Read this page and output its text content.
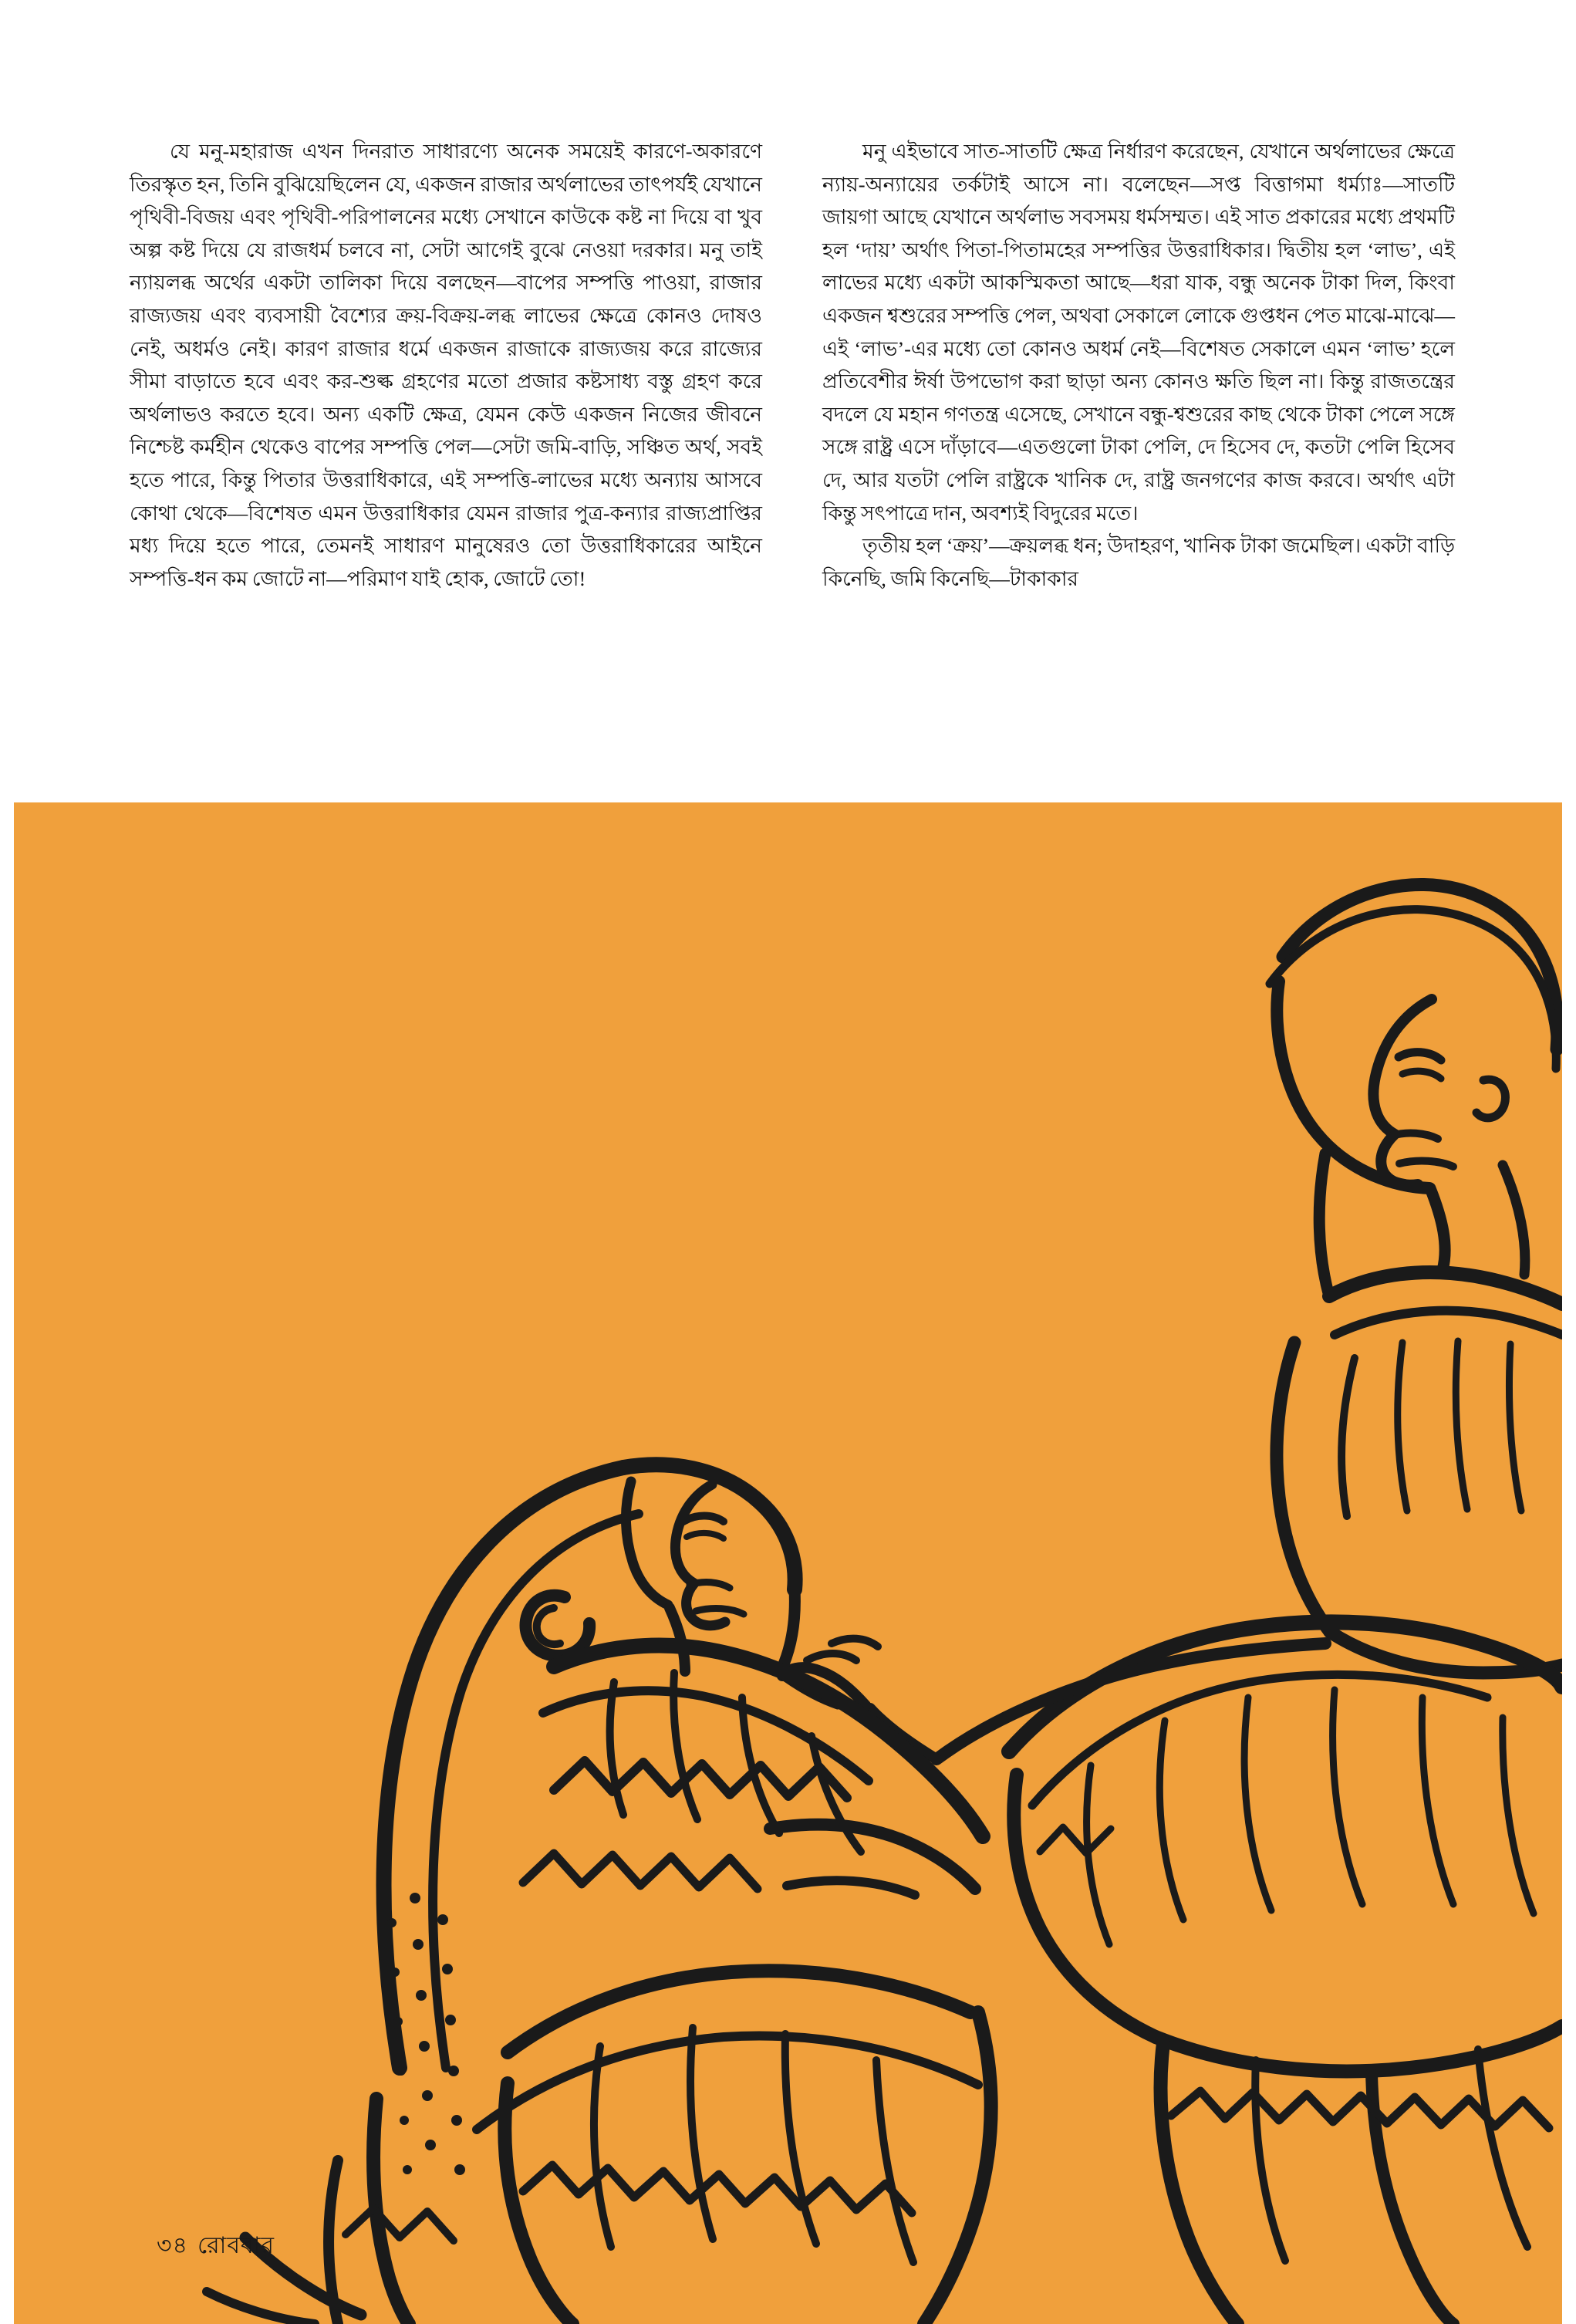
যে মনু-মহারাজ এখন দিনরাত সাধারণ্যে অনেক সময়েই কারণে-অকারণে তিরস্কৃত হন, তিনি বুঝিয়েছিলেন যে, একজন রাজার অর্থলাভের তাৎপর্যই যেখানে পৃথিবী-বিজয় এবং পৃথিবী-পরিপালনের মধ্যে সেখানে কাউকে কষ্ট না দিয়ে বা খুব অল্প কষ্ট দিয়ে যে রাজধর্ম চলবে না, সেটা আগেই বুঝে নেওয়া দরকার। মনু তাই ন্যায়লব্ধ অর্থের একটা তালিকা দিয়ে বলছেন—বাপের সম্পত্তি পাওয়া, রাজার রাজ্যজয় এবং ব্যবসায়ী বৈশ্যের ক্রয়-বিক্রয়-লব্ধ লাভের ক্ষেত্রে কোনও দোষও নেই, অধর্মও নেই। কারণ রাজার ধর্মে একজন রাজাকে রাজ্যজয় করে রাজ্যের সীমা বাড়াতে হবে এবং কর-শুল্ক গ্রহণের মতো প্রজার কষ্টসাধ্য বস্তু গ্রহণ করে অর্থলাভও করতে হবে। অন্য একটি ক্ষেত্র, যেমন কেউ একজন নিজের জীবনে নিশ্চেষ্ট কর্মহীন থেকেও বাপের সম্পত্তি পেল—সেটা জমি-বাড়ি, সঞ্চিত অর্থ, সবই হতে পারে, কিন্তু পিতার উত্তরাধিকারে, এই সম্পত্তি-লাভের মধ্যে অন্যায় আসবে কোথা থেকে—বিশেষত এমন উত্তরাধিকার যেমন রাজার পুত্র-কন্যার রাজ্যপ্রাপ্তির মধ্য দিয়ে হতে পারে, তেমনই সাধারণ মানুষেরও তো উত্তরাধিকারের আইনে সম্পত্তি-ধন কম জোটে না—পরিমাণ যাই হোক, জোটে তো!

মনু এইভাবে সাত-সাতটি ক্ষেত্র নির্ধারণ করেছেন, যেখানে অর্থলাভের ক্ষেত্রে ন্যায়-অন্যায়ের তর্কটাই আসে না। বলেছেন—সপ্ত বিত্তাগমা ধর্ম্যাঃ—সাতটি জায়গা আছে যেখানে অর্থলাভ সবসময় ধর্মসম্মত। এই সাত প্রকারের মধ্যে প্রথমটি হল ‘দায়’ অর্থাৎ পিতা-পিতামহের সম্পত্তির উত্তরাধিকার। দ্বিতীয় হল ‘লাভ’, এই লাভের মধ্যে একটা আকস্মিকতা আছে—ধরা যাক, বন্ধু অনেক টাকা দিল, কিংবা একজন শ্বশুরের সম্পত্তি পেল, অথবা সেকালে লোকে গুপ্তধন পেত মাঝে-মাঝে—এই ‘লাভ’-এর মধ্যে তো কোনও অধর্ম নেই—বিশেষত সেকালে এমন ‘লাভ’ হলে প্রতিবেশীর ঈর্ষা উপভোগ করা ছাড়া অন্য কোনও ক্ষতি ছিল না। কিন্তু রাজতন্ত্রের বদলে যে মহান গণতন্ত্র এসেছে, সেখানে বন্ধু-শ্বশুরের কাছ থেকে টাকা পেলে সঙ্গে সঙ্গে রাষ্ট্র এসে দাঁড়াবে—এতগুলো টাকা পেলি, দে হিসেব দে, কতটা পেলি হিসেব দে, আর যতটা পেলি রাষ্ট্রকে খানিক দে, রাষ্ট্র জনগণের কাজ করবে। অর্থাৎ এটা কিন্তু সৎপাত্রে দান, অবশ্যই বিদুরের মতে।

তৃতীয় হল ‘ক্রয়’—ক্রয়লব্ধ ধন; উদাহরণ, খানিক টাকা জমেছিল। একটা বাড়ি কিনেছি, জমি কিনেছি—টাকাকার

৩৪ রোববার
